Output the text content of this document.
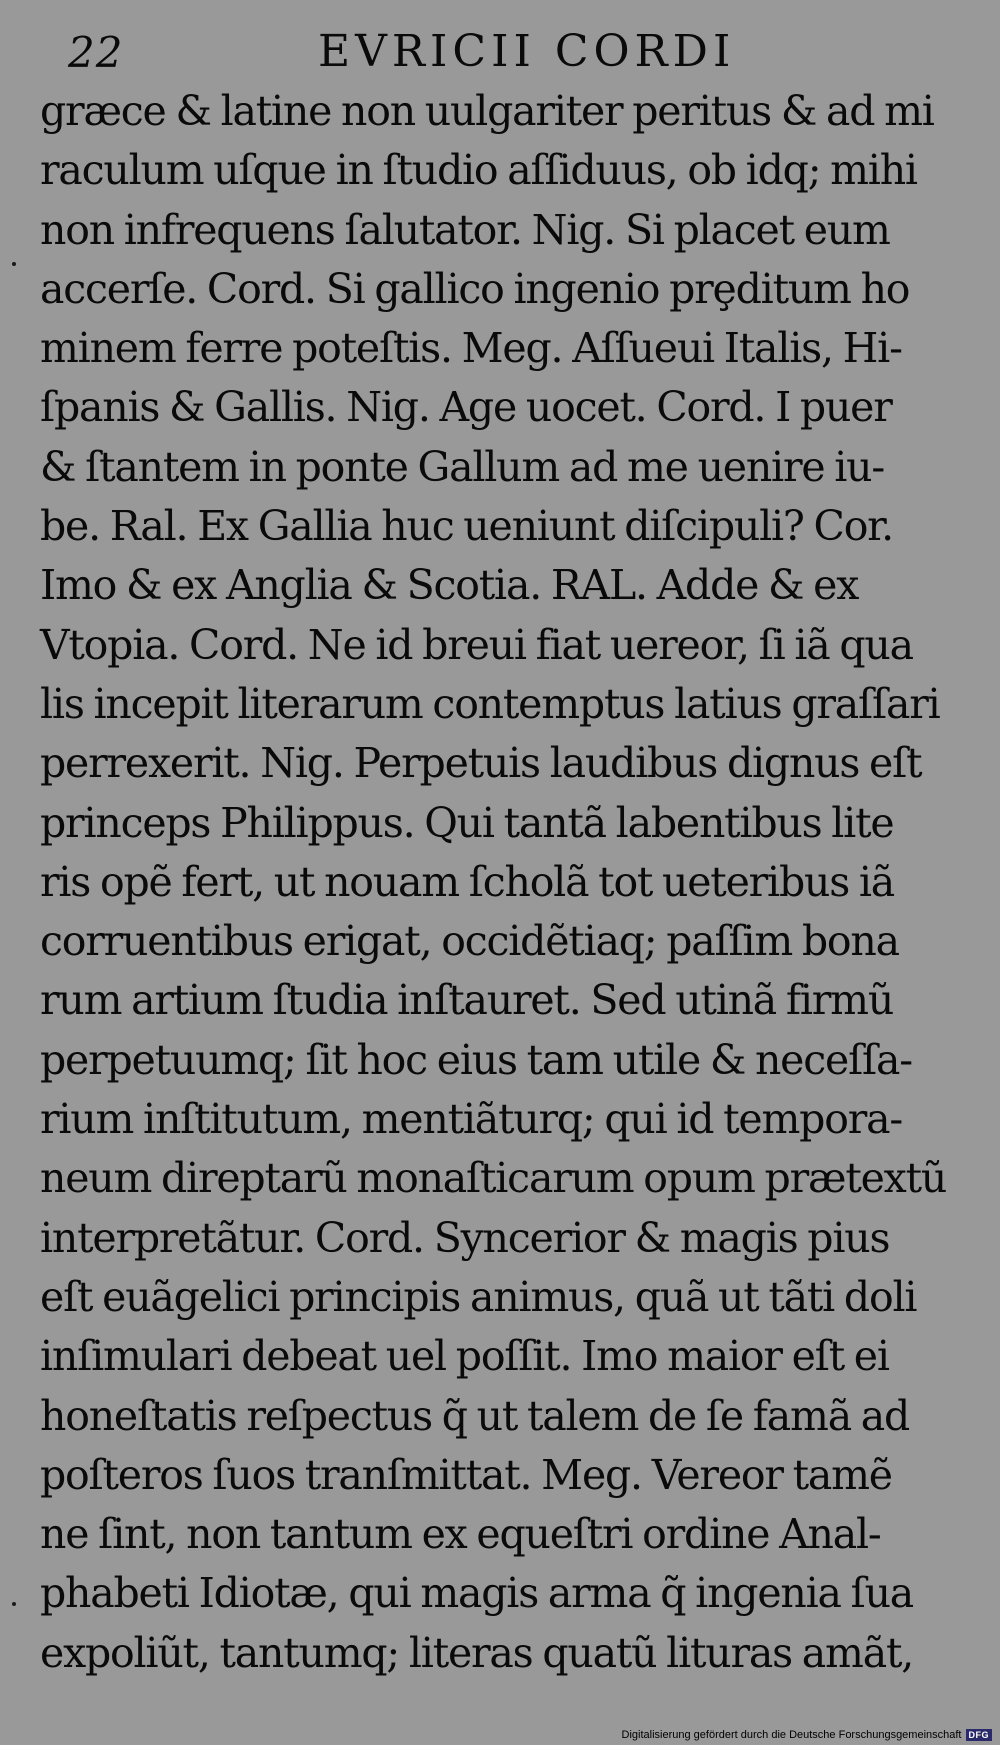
22	EVRICII CORDI
græce & latine non uulgariter peritus & ad mi
raculum uſque in ſtudio aſſiduus, ob idq; mihi
non infrequens ſalutator. Nig. Si placet eum
accerſe. Cord. Si gallico ingenio prȩditum ho
minem ferre poteſtis. Meg. Aſſueui Italis, Hi-
ſpanis & Gallis. Nig. Age uocet. Cord. I puer
& ſtantem in ponte Gallum ad me uenire iu-
be. Ral. Ex Gallia huc ueniunt diſcipuli? Cor.
Imo & ex Anglia & Scotia. RAL. Adde & ex
Vtopia. Cord. Ne id breui fiat uereor, ſi iã qua
lis incepit literarum contemptus latius graſſari
perrexerit. Nig. Perpetuis laudibus dignus eſt
princeps Philippus. Qui tantã labentibus lite
ris opẽ fert, ut nouam ſcholã tot ueteribus iã
corruentibus erigat, occidẽtiaq; paſſim bona
rum artium ſtudia inſtauret. Sed utinã firmũ
perpetuumq; ſit hoc eius tam utile & neceſſa-
rium inſtitutum, mentiãturq; qui id tempora-
neum direptarũ monaſticarum opum prætextũ
interpretãtur. Cord. Syncerior & magis pius
eſt euãgelici principis animus, quã ut tãti doli
inſimulari debeat uel poſſit. Imo maior eſt ei
honeſtatis reſpectus q̃ ut talem de ſe famã ad
poſteros ſuos tranſmittat. Meg. Vereor tamẽ
ne ſint, non tantum ex equeſtri ordine Anal-
phabeti Idiotæ, qui magis arma q̃ ingenia ſua
expoliũt, tantumq; literas quatũ lituras amãt,
Digitalisierung gefördert durch die Deutsche Forschungsgemeinschaft DFG
